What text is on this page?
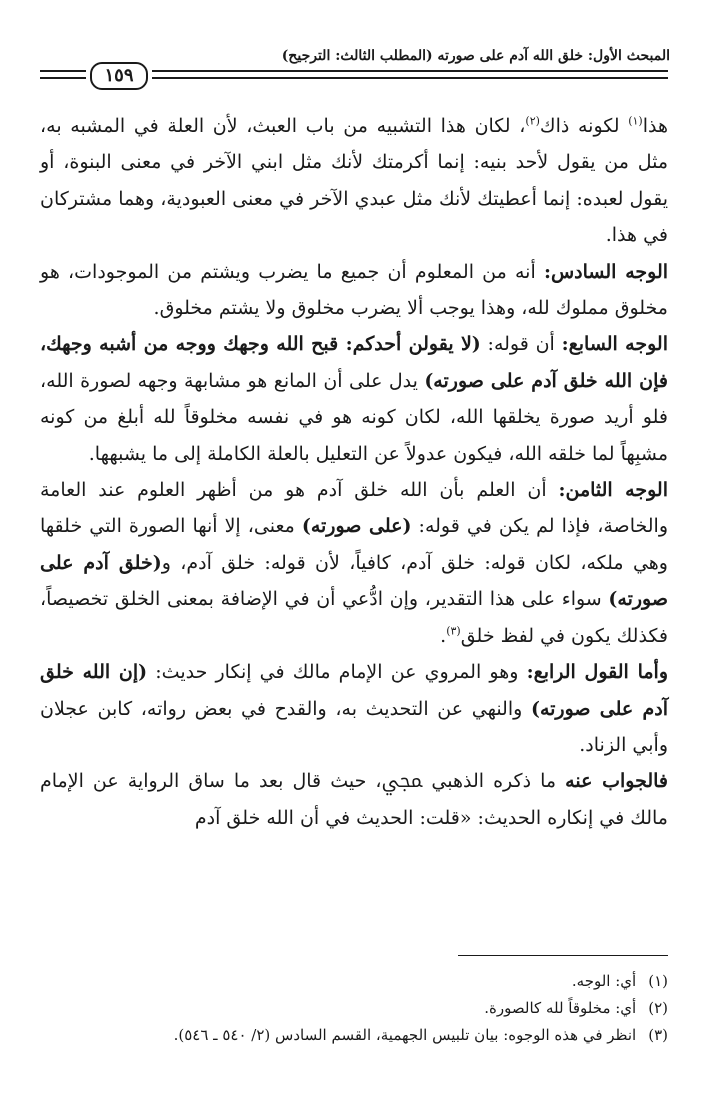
المبحث الأول: خلق الله آدم على صورته (المطلب الثالث: الترجيح)
١٥٩

هذا$^{(١)}$ لكونه ذاك$^{(٢)}$، لكان هذا التشبيه من باب العبث، لأن العلة في المشبه به، مثل من يقول لأحد بنيه: إنما أكرمتك لأنك مثل ابني الآخر في معنى البنوة، أو يقول لعبده: إنما أعطيتك لأنك مثل عبدي الآخر في معنى العبودية، وهما مشتركان في هذا.

الوجه السادس: أنه من المعلوم أن جميع ما يضرب ويشتم من الموجودات، هو مخلوق مملوك لله، وهذا يوجب ألا يضرب مخلوق ولا يشتم مخلوق.

الوجه السابع: أن قوله: (لا يقولن أحدكم: قبح الله وجهك ووجه من أشبه وجهك، فإن الله خلق آدم على صورته) يدل على أن المانع هو مشابهة وجهه لصورة الله، فلو أريد صورة يخلقها الله، لكان كونه هو في نفسه مخلوقاً لله أبلغ من كونه مشبِهاً لما خلقه الله، فيكون عدولاً عن التعليل بالعلة الكاملة إلى ما يشبهها.

الوجه الثامن: أن العلم بأن الله خلق آدم هو من أظهر العلوم عند العامة والخاصة، فإذا لم يكن في قوله: (على صورته) معنى، إلا أنها الصورة التي خلقها وهي ملكه، لكان قوله: خلق آدم، كافياً، لأن قوله: خلق آدم، و(خلق آدم على صورته) سواء على هذا التقدير، وإن ادُّعي أن في الإضافة بمعنى الخلق تخصيصاً، فكذلك يكون في لفظ خلق$^{(٣)}$.

وأما القول الرابع: وهو المروي عن الإمام مالك في إنكار حديث: (إن الله خلق آدم على صورته) والنهي عن التحديث به، والقدح في بعض رواته، كابن عجلان وأبي الزناد.

فالجواب عنه ما ذكره الذهبي ﷀ، حيث قال بعد ما ساق الرواية عن الإمام مالك في إنكاره الحديث: «قلت: الحديث في أن الله خلق آدم

(١)أي: الوجه.

(٢)أي: مخلوقاً لله كالصورة.

(٣)انظر في هذه الوجوه: بيان تلبيس الجهمية، القسم السادس (٢/ ٥٤٠ ـ ٥٤٦).
